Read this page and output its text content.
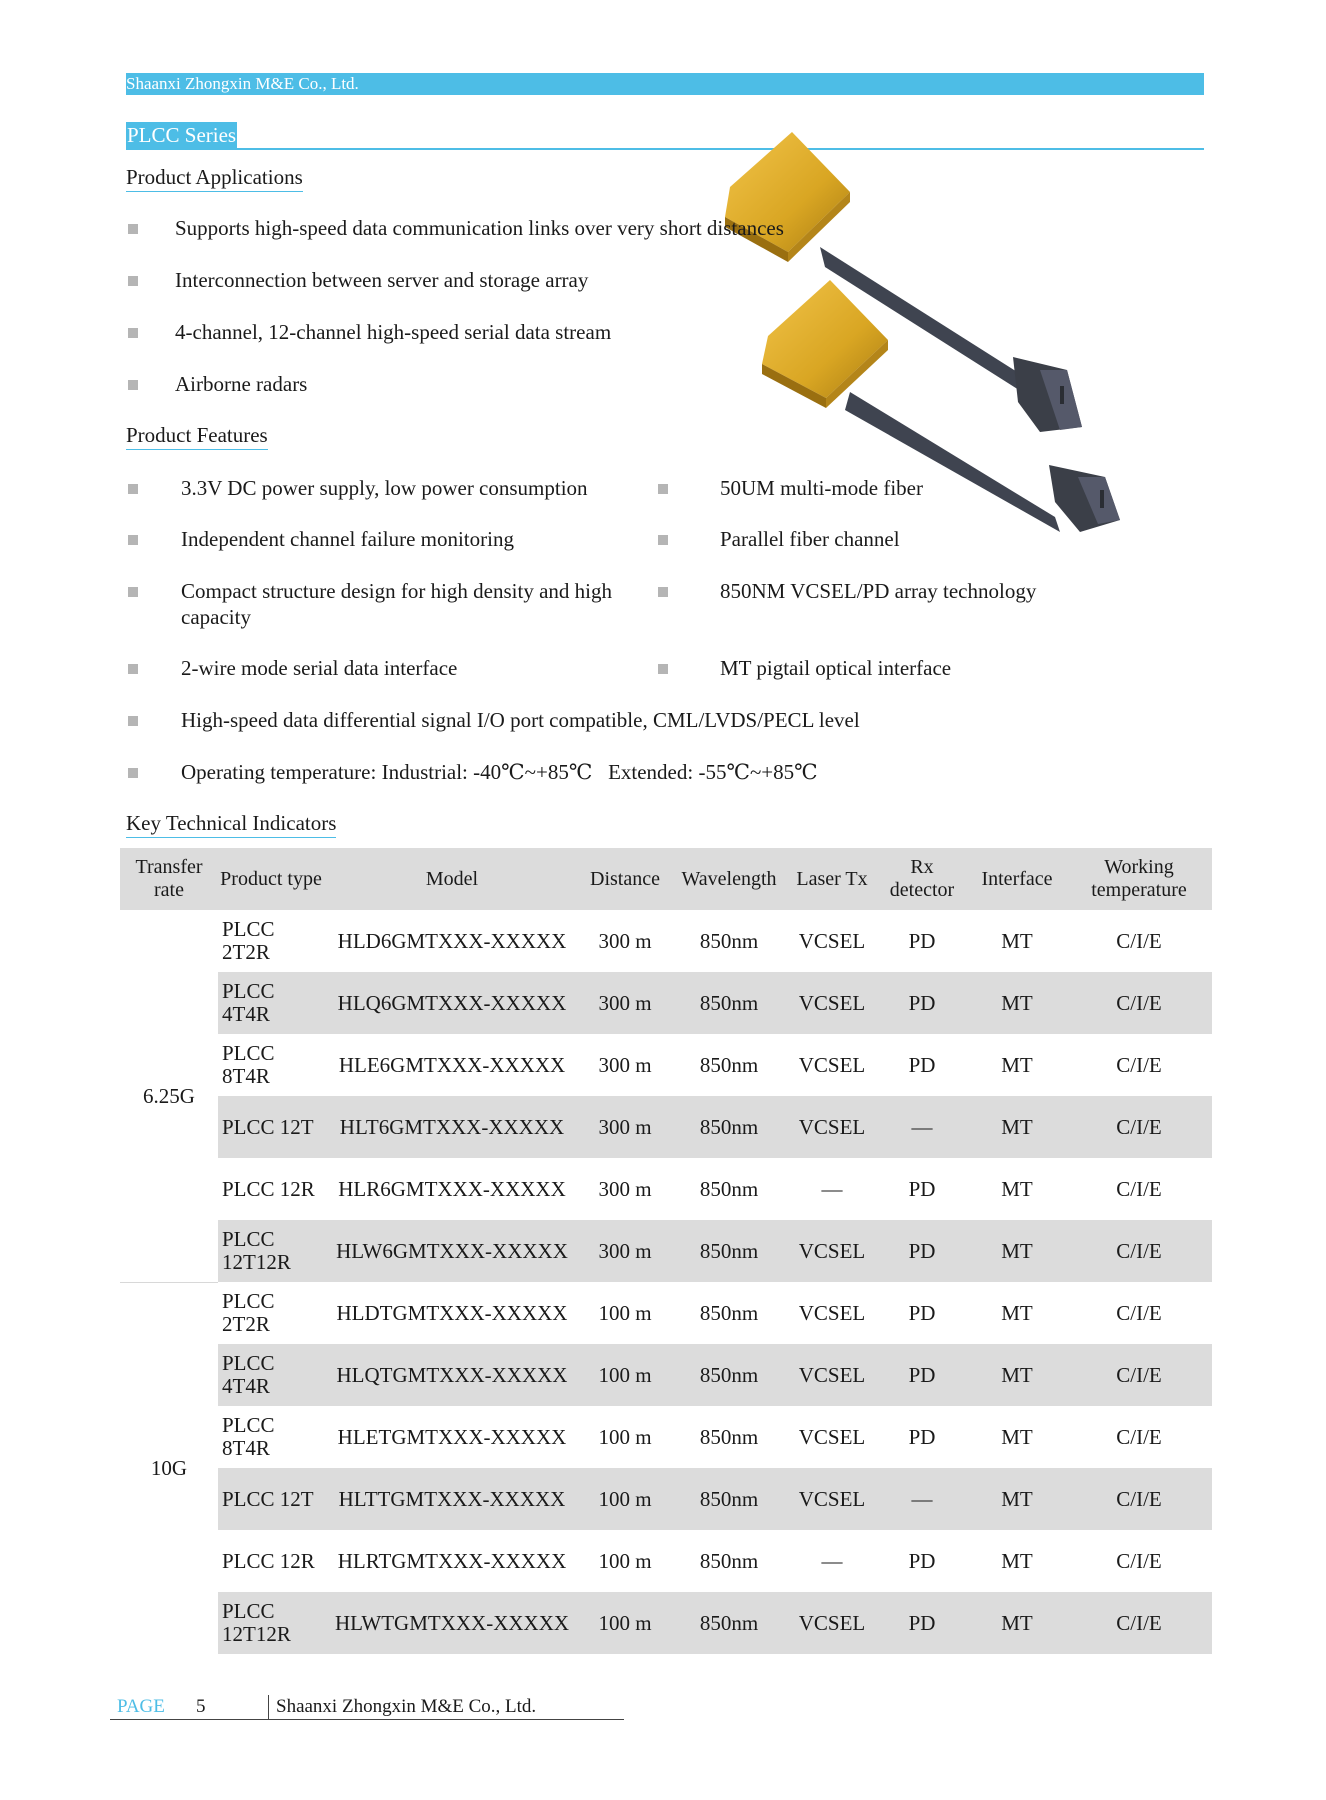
Shaanxi Zhongxin M&E Co., Ltd.
PLCC Series
Product Applications
Supports high-speed data communication links over very short distances
Interconnection between server and storage array
4-channel, 12-channel high-speed serial data stream
Airborne radars
Product Features
3.3V DC power supply, low power consumption	50UM multi-mode fiber
Independent channel failure monitoring	Parallel fiber channel
Compact structure design for high density and high capacity
850NM VCSEL/PD array technology
2-wire mode serial data interface	MT pigtail optical interface
High-speed data differential signal I/O port compatible, CML/LVDS/PECL level
Operating temperature: Industrial: -40℃~+85℃   Extended: -55℃~+85℃
Key Technical Indicators
Transfer rate	Product type	Model	Distance	Wavelength	Laser Tx	Rx detector	Interface	Working temperature
6.25G	PLCC 2T2R	HLD6GMTXXX-XXXXX	300 m	850nm	VCSEL	PD	MT	C/I/E
	PLCC 4T4R	HLQ6GMTXXX-XXXXX	300 m	850nm	VCSEL	PD	MT	C/I/E
	PLCC 8T4R	HLE6GMTXXX-XXXXX	300 m	850nm	VCSEL	PD	MT	C/I/E
	PLCC 12T	HLT6GMTXXX-XXXXX	300 m	850nm	VCSEL	—	MT	C/I/E
	PLCC 12R	HLR6GMTXXX-XXXXX	300 m	850nm	—	PD	MT	C/I/E
	PLCC 12T12R	HLW6GMTXXX-XXXXX	300 m	850nm	VCSEL	PD	MT	C/I/E
10G	PLCC 2T2R	HLDTGMTXXX-XXXXX	100 m	850nm	VCSEL	PD	MT	C/I/E
	PLCC 4T4R	HLQTGMTXXX-XXXXX	100 m	850nm	VCSEL	PD	MT	C/I/E
	PLCC 8T4R	HLETGMTXXX-XXXXX	100 m	850nm	VCSEL	PD	MT	C/I/E
	PLCC 12T	HLTTGMTXXX-XXXXX	100 m	850nm	VCSEL	—	MT	C/I/E
	PLCC 12R	HLRTGMTXXX-XXXXX	100 m	850nm	—	PD	MT	C/I/E
	PLCC 12T12R	HLWTGMTXXX-XXXXX	100 m	850nm	VCSEL	PD	MT	C/I/E
PAGE 5	Shaanxi Zhongxin M&E Co., Ltd.
